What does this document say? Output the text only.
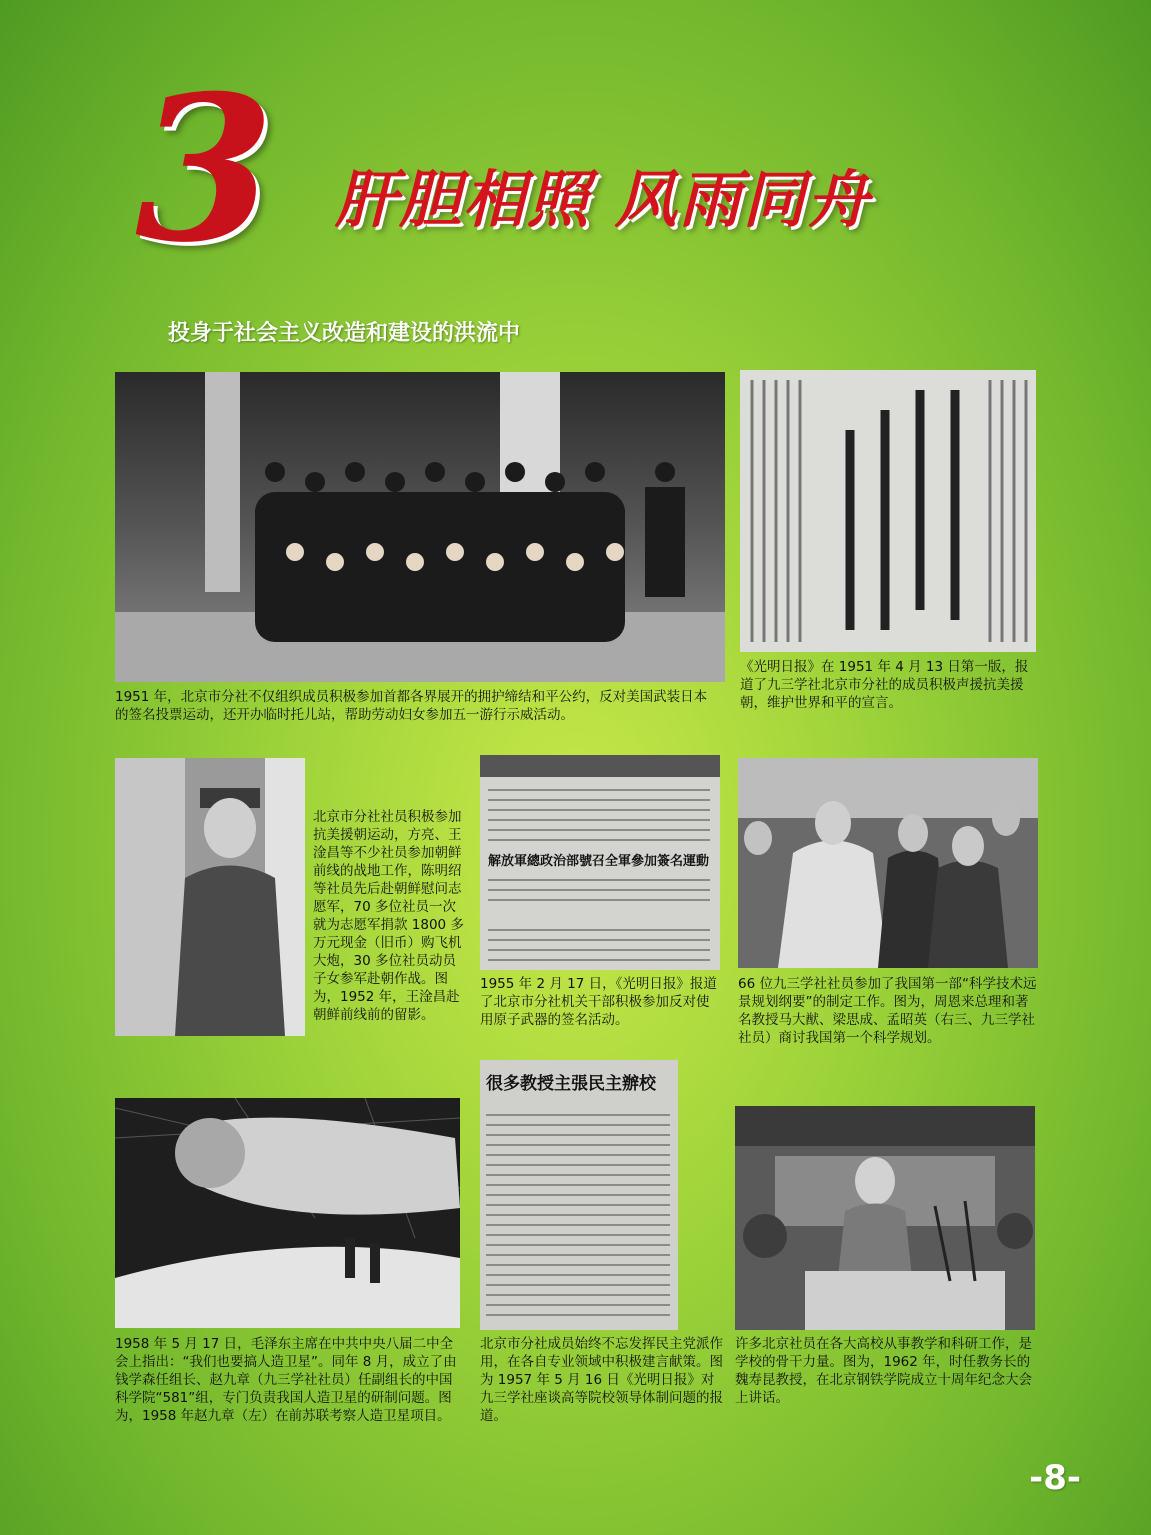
3 肝胆相照 风雨同舟
投身于社会主义改造和建设的洪流中
1951 年，北京市分社不仅组织成员积极参加首都各界展开的拥护缔结和平公约，反对美国武装日本的签名投票运动，还开办临时托儿站，帮助劳动妇女参加五一游行示威活动。
《光明日报》在 1951 年 4 月 13 日第一版，报道了九三学社北京市分社的成员积极声援抗美援朝，维护世界和平的宣言。
北京市分社社员积极参加抗美援朝运动，方亮、王淦昌等不少社员参加朝鲜前线的战地工作，陈明绍等社员先后赴朝鲜慰问志愿军，70 多位社员一次就为志愿军捐款 1800 多万元现金（旧币）购飞机大炮，30 多位社员动员子女参军赴朝作战。图为，1952 年，王淦昌赴朝鲜前线前的留影。
解放軍總政治部號召全軍參加簽名運動
1955 年 2 月 17 日，《光明日报》报道了北京市分社机关干部积极参加反对使用原子武器的签名活动。
66 位九三学社社员参加了我国第一部“科学技术远景规划纲要”的制定工作。图为，周恩来总理和著名教授马大猷、梁思成、孟昭英（右三、九三学社社员）商讨我国第一个科学规划。
1958 年 5 月 17 日，毛泽东主席在中共中央八届二中全会上指出：“我们也要搞人造卫星”。同年 8 月，成立了由钱学森任组长、赵九章（九三学社社员）任副组长的中国科学院“581”组，专门负责我国人造卫星的研制问题。图为，1958 年赵九章（左）在前苏联考察人造卫星项目。
很多教授主張民主辦校
北京市分社成员始终不忘发挥民主党派作用，在各自专业领域中积极建言献策。图为 1957 年 5 月 16 日《光明日报》对九三学社座谈高等院校领导体制问题的报道。
许多北京社员在各大高校从事教学和科研工作，是学校的骨干力量。图为，1962 年，时任教务长的魏寿昆教授，在北京钢铁学院成立十周年纪念大会上讲话。
-8-
